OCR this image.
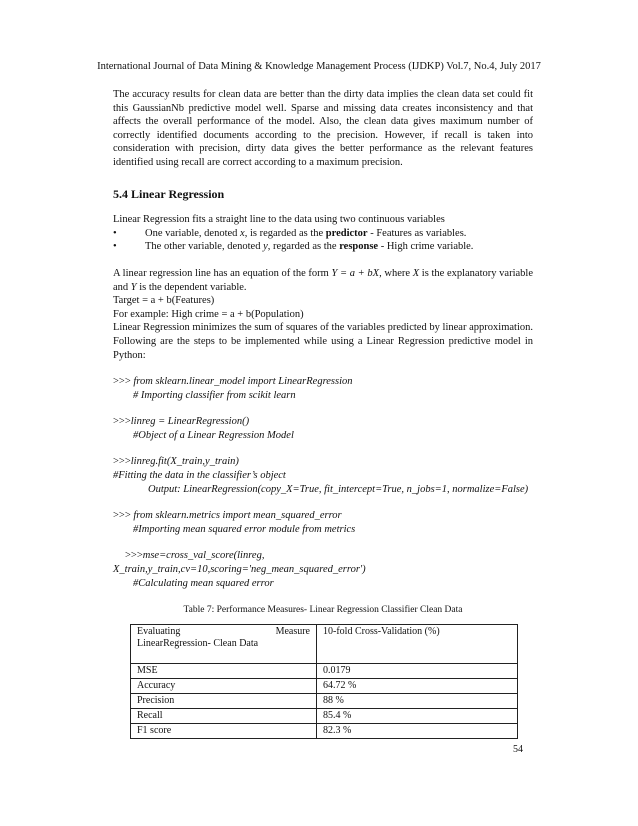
International Journal of Data Mining & Knowledge Management Process (IJDKP) Vol.7, No.4, July 2017

The accuracy results for clean data are better than the dirty data implies the clean data set could fit this GaussianNb predictive model well. Sparse and missing data creates inconsistency and that affects the overall performance of the model. Also, the clean data gives maximum number of correctly identified documents according to the precision. However, if recall is taken into consideration with precision, dirty data gives the better performance as the relevant features identified using recall are correct according to a maximum precision.

5.4 Linear Regression

Linear Regression fits a straight line to the data using two continuous variables

•	One variable, denoted x, is regarded as the predictor - Features as variables.
•	The other variable, denoted y, regarded as the response - High crime variable.

A linear regression line has an equation of the form Y = a + bX, where X is the explanatory variable and Y is the dependent variable.

Target = a + b(Features)
For example: High crime = a + b(Population)

Linear Regression minimizes the sum of squares of the variables predicted by linear approximation. Following are the steps to be implemented while using a Linear Regression predictive model in Python:

>>> from sklearn.linear_model import LinearRegression
# Importing classifier from scikit learn
>>>linreg = LinearRegression()
#Object of a Linear Regression Model
>>>linreg.fit(X_train,y_train)
#Fitting the data in the classifier’s object
Output: LinearRegression(copy_X=True, fit_intercept=True, n_jobs=1, normalize=False)
>>> from sklearn.metrics import mean_squared_error
#Importing mean squared error module from metrics
>>>mse=cross_val_score(linreg,
X_train,y_train,cv=10,scoring='neg_mean_squared_error')
#Calculating mean squared error
Table 7: Performance Measures- Linear Regression Classifier Clean Data
Evaluating Measure
LinearRegression- Clean Data	10-fold Cross-Validation (%)
MSE	0.0179
Accuracy	64.72 %
Precision	88 %
Recall	85.4 %
F1 score	82.3 %
54
